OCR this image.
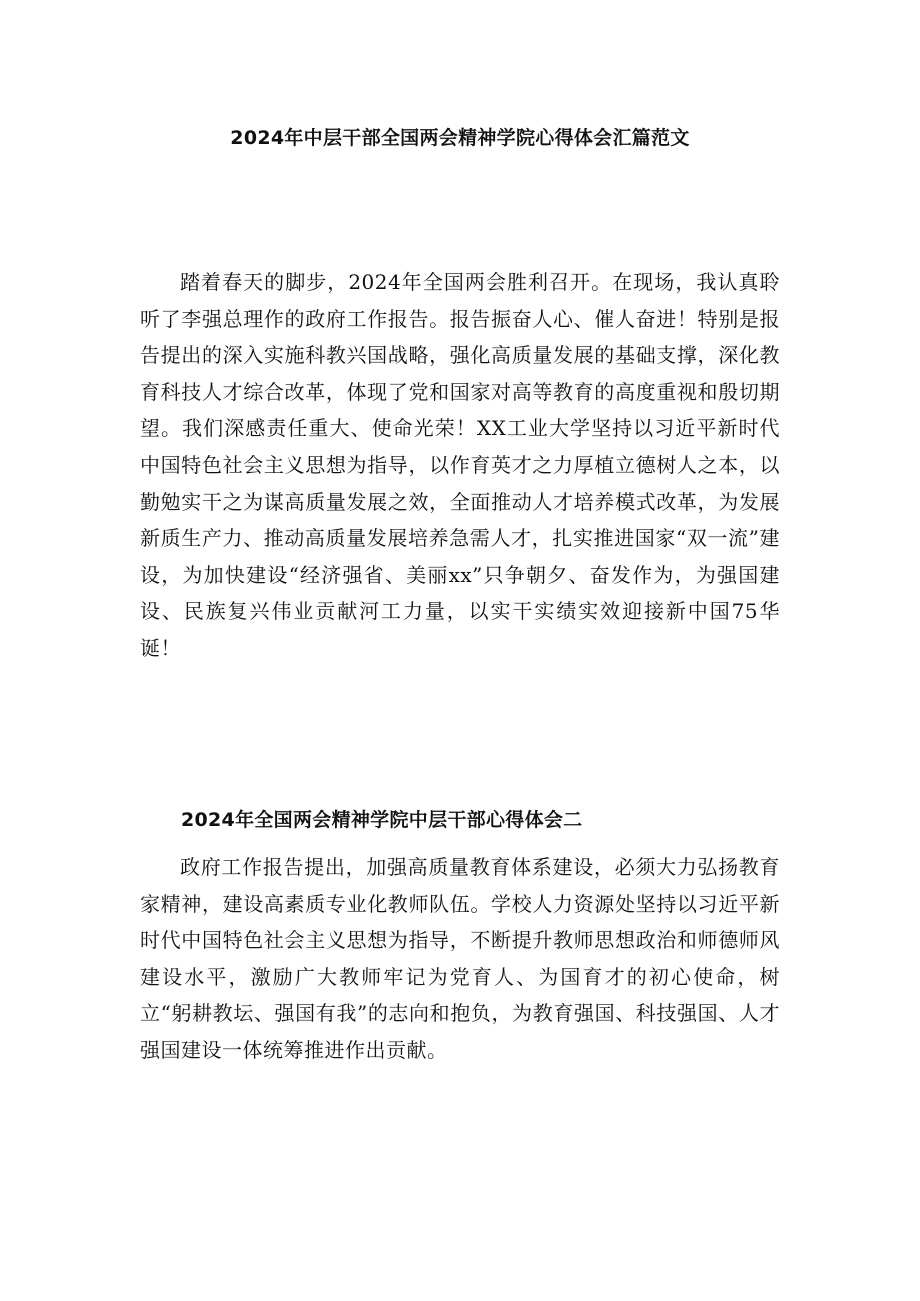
2024年中层干部全国两会精神学院心得体会汇篇范文

踏着春天的脚步，2024年全国两会胜利召开。在现场，我认真聆听了李强总理作的政府工作报告。报告振奋人心、催人奋进！特别是报告提出的深入实施科教兴国战略，强化高质量发展的基础支撑，深化教育科技人才综合改革，体现了党和国家对高等教育的高度重视和殷切期望。我们深感责任重大、使命光荣！XX工业大学坚持以习近平新时代中国特色社会主义思想为指导，以作育英才之力厚植立德树人之本，以勤勉实干之为谋高质量发展之效，全面推动人才培养模式改革，为发展新质生产力、推动高质量发展培养急需人才，扎实推进国家“双一流”建设，为加快建设“经济强省、美丽xx”只争朝夕、奋发作为，为强国建设、民族复兴伟业贡献河工力量，以实干实绩实效迎接新中国75华诞！

2024年全国两会精神学院中层干部心得体会二

政府工作报告提出，加强高质量教育体系建设，必须大力弘扬教育家精神，建设高素质专业化教师队伍。学校人力资源处坚持以习近平新时代中国特色社会主义思想为指导，不断提升教师思想政治和师德师风建设水平，激励广大教师牢记为党育人、为国育才的初心使命，树立“躬耕教坛、强国有我”的志向和抱负，为教育强国、科技强国、人才强国建设一体统筹推进作出贡献。
